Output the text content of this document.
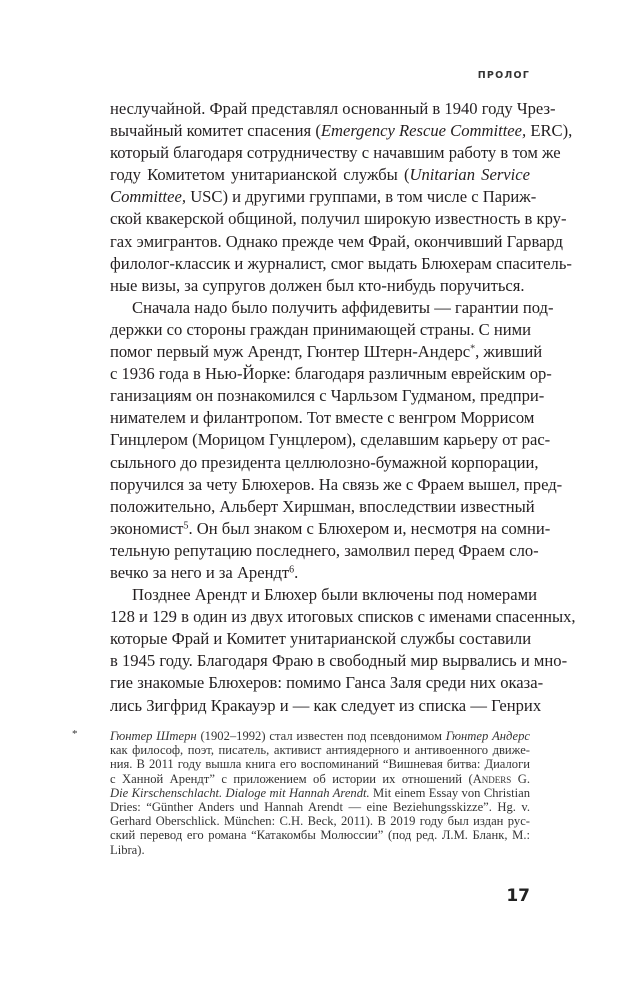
ПРОЛОГ
неслучайной. Фрай представлял основанный в 1940 году Чрез-
вычайный комитет спасения (Emergency Rescue Committee, ERC),
который благодаря сотрудничеству с начавшим работу в том же
году Комитетом унитарианской службы (Unitarian Service
Committee, USC) и другими группами, в том числе с Париж-
ской квакерской общиной, получил широкую известность в кру-
гах эмигрантов. Однако прежде чем Фрай, окончивший Гарвард
филолог-классик и журналист, смог выдать Блюхерам спаситель-
ные визы, за супругов должен был кто-нибудь поручиться.
Сначала надо было получить аффидевиты — гарантии под-
держки со стороны граждан принимающей страны. С ними
помог первый муж Арендт, Гюнтер Штерн-Андерс*, живший
с 1936 года в Нью-Йорке: благодаря различным еврейским ор-
ганизациям он познакомился с Чарльзом Гудманом, предпри-
нимателем и филантропом. Тот вместе с венгром Моррисом
Гинцлером (Морицом Гунцлером), сделавшим карьеру от рас-
сыльного до президента целлюлозно-бумажной корпорации,
поручился за чету Блюхеров. На связь же с Фраем вышел, пред-
положительно, Альберт Хиршман, впоследствии известный
экономист$^5$. Он был знаком с Блюхером и, несмотря на сомни-
тельную репутацию последнего, замолвил перед Фраем сло-
вечко за него и за Арендт$^6$.
Позднее Арендт и Блюхер были включены под номерами
128 и 129 в один из двух итоговых списков с именами спасенных,
которые Фрай и Комитет унитарианской службы составили
в 1945 году. Благодаря Фраю в свободный мир вырвались и мно-
гие знакомые Блюхеров: помимо Ганса Заля среди них оказа-
лись Зигфрид Кракауэр и — как следует из списка — Генрих
*	Гюнтер Штерн (1902–1992) стал известен под псевдонимом Гюнтер Андерс
как философ, поэт, писатель, активист антиядерного и антивоенного движе-
ния. В 2011 году вышла книга его воспоминаний “Вишневая битва: Диалоги
с Ханной Арендт” с приложением об истории их отношений (Anders G.
Die Kirschenschlacht. Dialoge mit Hannah Arendt. Mit einem Essay von Christian
Dries: “Günther Anders und Hannah Arendt — eine Beziehungsskizze”. Hg. v.
Gerhard Oberschlick. München: C.H. Beck, 2011). В 2019 году был издан рус-
ский перевод его романа “Катакомбы Молюссии” (под ред. Л.М. Бланк, M.:
Libra).
17
